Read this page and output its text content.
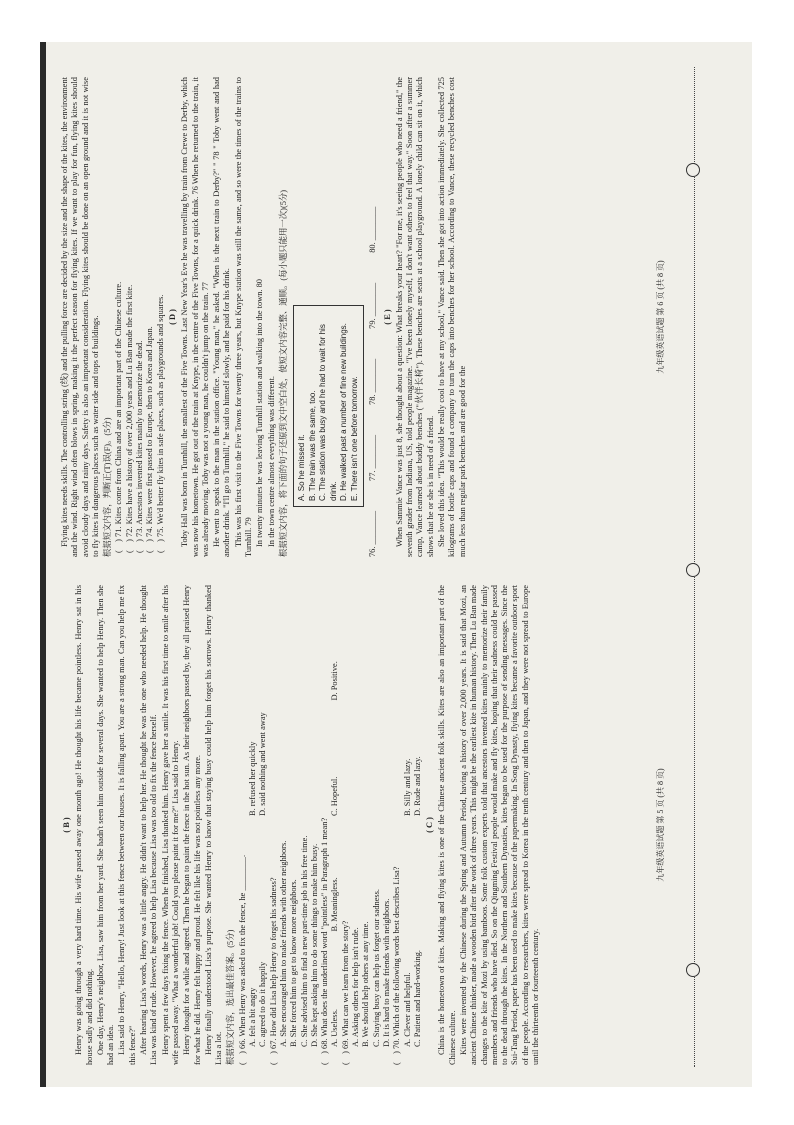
( B ) Henry was going through a very hard time. His wife passed away one month ago! He thought his life became pointless. Henry sat in his house sadly and did nothing. One day, Henry's neighbor, Lisa, saw him from her yard. She hadn't seen him outside for several days. She wanted to help Henry. Then she had an idea. Lisa said to Henry, "Hello, Henry! Just look at this fence between our houses. It is falling apart. You are a strong man. Can you help me fix this fence?" After hearing Lisa's words, Henry was a little angry. He didn't want to help her. He thought he was the one who needed help. He thought Lisa was kind of rude. However, he agreed to help Lisa because Lisa was too old to fix the fence herself. Henry spent a few days fixing the fence. When he finished, Lisa thanked him. Henry gave her a smile. It was his first time to smile after his wife passed away. "What a wonderful job! Could you please paint it for me?" Lisa said to Henry. Henry thought for a while and agreed. Then he began to paint the fence in the hot sun. As their neighbors passed by, they all praised Henry for what he did. Henry felt happy and proud. He felt like his life was not pointless any more. Henry finally understood Lisa's purpose. She wanted Henry to know that staying busy could help him forget his sorrows. Henry thanked Lisa a lot. 根据短文内容，选出最佳答案。(5分) (　) 66. When Henry was asked to fix the fence, he ________. A. felt a bit angry
B. refused her quickly
C. agreed to do it happily
D. said nothing and went away
(　) 67. How did Lisa help Henry to forget his sadness? A. She encouraged him to make friends with other neighbors. B. She forced him to get to know more neighbors. C. She advised him to find a new part-time job in his free time. D. She kept asking him to do some things to make him busy. (　) 68. What does the underlined word "pointless" in Paragraph 1 mean? A. Useless.
B. Meaningless.
C. Hopeful.
D. Positive.
(　) 69. What can we learn from the story? A. Asking others for help isn't rude. B. We should help others at any time. C. Staying busy can help us forget our sadness. D. It is hard to make friends with neighbors. (　) 70. Which of the following words best describes Lisa? A. Clever and helpful.
B. Silly and lazy.
C. Patient and hard-working.
D. Rude and lazy.
( C ) China is the hometown of kites. Making and flying kites is one of the Chinese ancient folk skills. Kites are also an important part of the Chinese culture. Kites were invented by the Chinese during the Spring and Autumn Period, having a history of over 2,000 years. It is said that Mozi, an ancient Chinese thinker, made a wooden bird after the work of three years. This might be the earliest kite in human history. Then Lu Ban made changes to the kite of Mozi by using bamboos. Some folk custom experts told that ancestors invented kites mainly to memorize their family members and friends who have died. So on the Qingming Festival people would make and fly kites, hoping that their sadness could be passed to the dead through the kites. In the Northern and Southern Dynasties, kites began to be used for the purpose of sending messages. Since the Sui-Tang Period, paper has been used to make kites because of the papermaking. In Song Dynasty, flying kites became a favorite outdoor sport of the people. According to researchers, kites were spread to Korea in the tenth century and then to Japan, and they were not spread to Europe until the thirteenth or fourteenth century.

九年级英语试题 第 5 页 (共 8 页)

Flying kites needs skills. The controlling string (线) and the pulling force are decided by the size and the shape of the kites, the environment and the wind. Right wind often blows in spring, making it the perfect season for flying kites. If we want to play for fun, flying kites should avoid cloudy days and rainy days. Safety is also an important consideration. Flying kites should be done on an open ground and it is not wise to fly kites in dangerous places such as water side and tops of buildings. 根据短文内容，判断正(T)误(F)。(5分) (　) 71. Kites come from China and are an important part of the Chinese culture. (　) 72. Kites have a history of over 2,000 years and Lu Ban made the first kite. (　) 73. Ancestors invented kites mainly to memorize the dead. (　) 74. Kites were first passed to Europe, then to Korea and Japan. (　) 75. We'd better fly kites in safe places, such as playgrounds and squares. ( D ) Toby Hall was born in Turnhill, the smallest of the Five Towns. Last New Year's Eve he was travelling by train from Crewe to Derby, which was now his hometown. He got out of the train at Knype, in the centre of the Five Towns, for a quick drink. 76 When he returned to the train, it was already moving. Toby was not a young man, he couldn't jump on the train. 77 He went to speak to the man in the station office. "Young man," he asked. "When is the next train to Derby?" " 78 " Toby went and had another drink. "I'll go to Turnhill," he said to himself slowly, and he paid for his drink. This was his first visit to the Five Towns for twenty three years, but Knype station was still the same, and so were the times of the trains to Turnhill. 79 In twenty minutes he was leaving Turnhill station and walking into the town. 80 In the town centre almost everything was different. 根据短文内容，将下面的句子还原到文中空白处，使短文内容完整、通顺。(每小题只能用一次)(5分) A. So he missed it. B. The train was the same, too. C. The station was busy and he had to wait for his drink. D. He walked past a number of fine new buildings. E. There isn't one before tomorrow.
76. ________
77. ________
78. ________
79. ________
80. ________
( E ) When Sammie Vance was just 8, she thought about a question: What breaks your heart? "For me, it's seeing people who need a friend," the seventh grader from Indiana, US, told people magazine. "I've been lonely myself, I don't want others to feel that way." Soon after a summer camp, Vance learned about buddy benches ("伙伴长椅"). These benches are seats at a school playground. A lonely child can sit on it, which shows that he or she is in need of a friend. She loved this idea. "This would be really cool to have at my school," Vance said. Then she got into action immediately. She collected 725 kilograms of bottle caps and found a company to turn the caps into benches for her school. According to Vance, these recycled benches cost much less than regular park benches and are good for the

九年级英语试题 第 6 页 (共 8 页)
